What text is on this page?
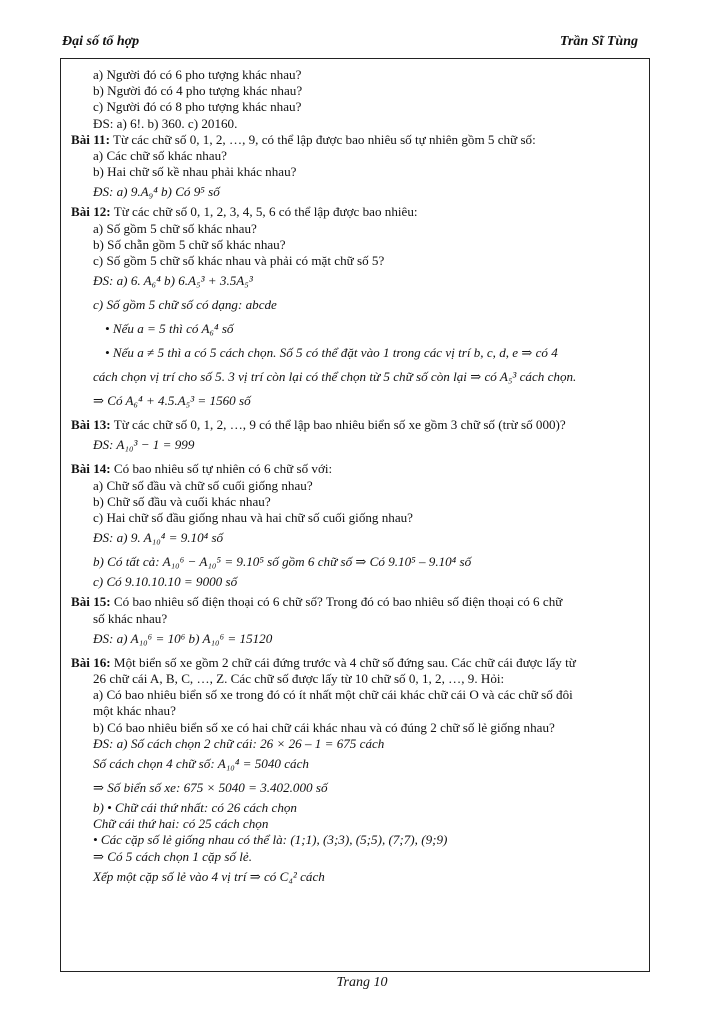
Đại số tổ hợp	Trần Sĩ Tùng

a) Người đó có 6 pho tượng khác nhau?

b) Người đó có 4 pho tượng khác nhau?

c) Người đó có 8 pho tượng khác nhau?

ĐS: a) 6!. b) 360. c) 20160.

Bài 11: Từ các chữ số 0, 1, 2, …, 9, có thể lập được bao nhiêu số tự nhiên gồm 5 chữ số:

a) Các chữ số khác nhau?

b) Hai chữ số kề nhau phải khác nhau?

ĐS: a) 9.A₉⁴ b) Có 9⁵ số

Bài 12: Từ các chữ số 0, 1, 2, 3, 4, 5, 6 có thể lập được bao nhiêu:

a) Số gồm 5 chữ số khác nhau?

b) Số chẵn gồm 5 chữ số khác nhau?

c) Số gồm 5 chữ số khác nhau và phải có mặt chữ số 5?

ĐS: a) 6. A₆⁴ b) 6.A₅³ + 3.5A₅³

c) Số gồm 5 chữ số có dạng: abcde

• Nếu a = 5 thì có A₆⁴ số

• Nếu a ≠ 5 thì a có 5 cách chọn. Số 5 có thể đặt vào 1 trong các vị trí b, c, d, e ⇒ có 4

cách chọn vị trí cho số 5. 3 vị trí còn lại có thể chọn từ 5 chữ số còn lại ⇒ có A₅³ cách chọn.

⇒ Có A₆⁴ + 4.5.A₅³ = 1560 số

Bài 13: Từ các chữ số 0, 1, 2, …, 9 có thể lập bao nhiêu biển số xe gồm 3 chữ số (trừ số 000)?

ĐS: A₁₀³ − 1 = 999

Bài 14: Có bao nhiêu số tự nhiên có 6 chữ số với:

a) Chữ số đầu và chữ số cuối giống nhau?

b) Chữ số đầu và cuối khác nhau?

c) Hai chữ số đầu giống nhau và hai chữ số cuối giống nhau?

ĐS: a) 9. A₁₀⁴ = 9.10⁴ số

b) Có tất cả: A₁₀⁶ − A₁₀⁵ = 9.10⁵ số gồm 6 chữ số ⇒ Có 9.10⁵ – 9.10⁴ số

c) Có 9.10.10.10 = 9000 số

Bài 15: Có bao nhiêu số điện thoại có 6 chữ số? Trong đó có bao nhiêu số điện thoại có 6 chữ

số khác nhau?

ĐS: a) A₁₀⁶ = 10⁶ b) A₁₀⁶ = 15120

Bài 16: Một biển số xe gồm 2 chữ cái đứng trước và 4 chữ số đứng sau. Các chữ cái được lấy từ

26 chữ cái A, B, C, …, Z. Các chữ số được lấy từ 10 chữ số 0, 1, 2, …, 9. Hỏi:

a) Có bao nhiêu biển số xe trong đó có ít nhất một chữ cái khác chữ cái O và các chữ số đôi

một khác nhau?

b) Có bao nhiêu biển số xe có hai chữ cái khác nhau và có đúng 2 chữ số lẻ giống nhau?

ĐS: a) Số cách chọn 2 chữ cái: 26 × 26 – 1 = 675 cách

Số cách chọn 4 chữ số: A₁₀⁴ = 5040 cách

⇒ Số biển số xe: 675 × 5040 = 3.402.000 số

b) • Chữ cái thứ nhất: có 26 cách chọn

Chữ cái thứ hai: có 25 cách chọn

• Các cặp số lẻ giống nhau có thể là: (1;1), (3;3), (5;5), (7;7), (9;9)

⇒ Có 5 cách chọn 1 cặp số lẻ.

Xếp một cặp số lẻ vào 4 vị trí ⇒ có C₄² cách

Trang 10
